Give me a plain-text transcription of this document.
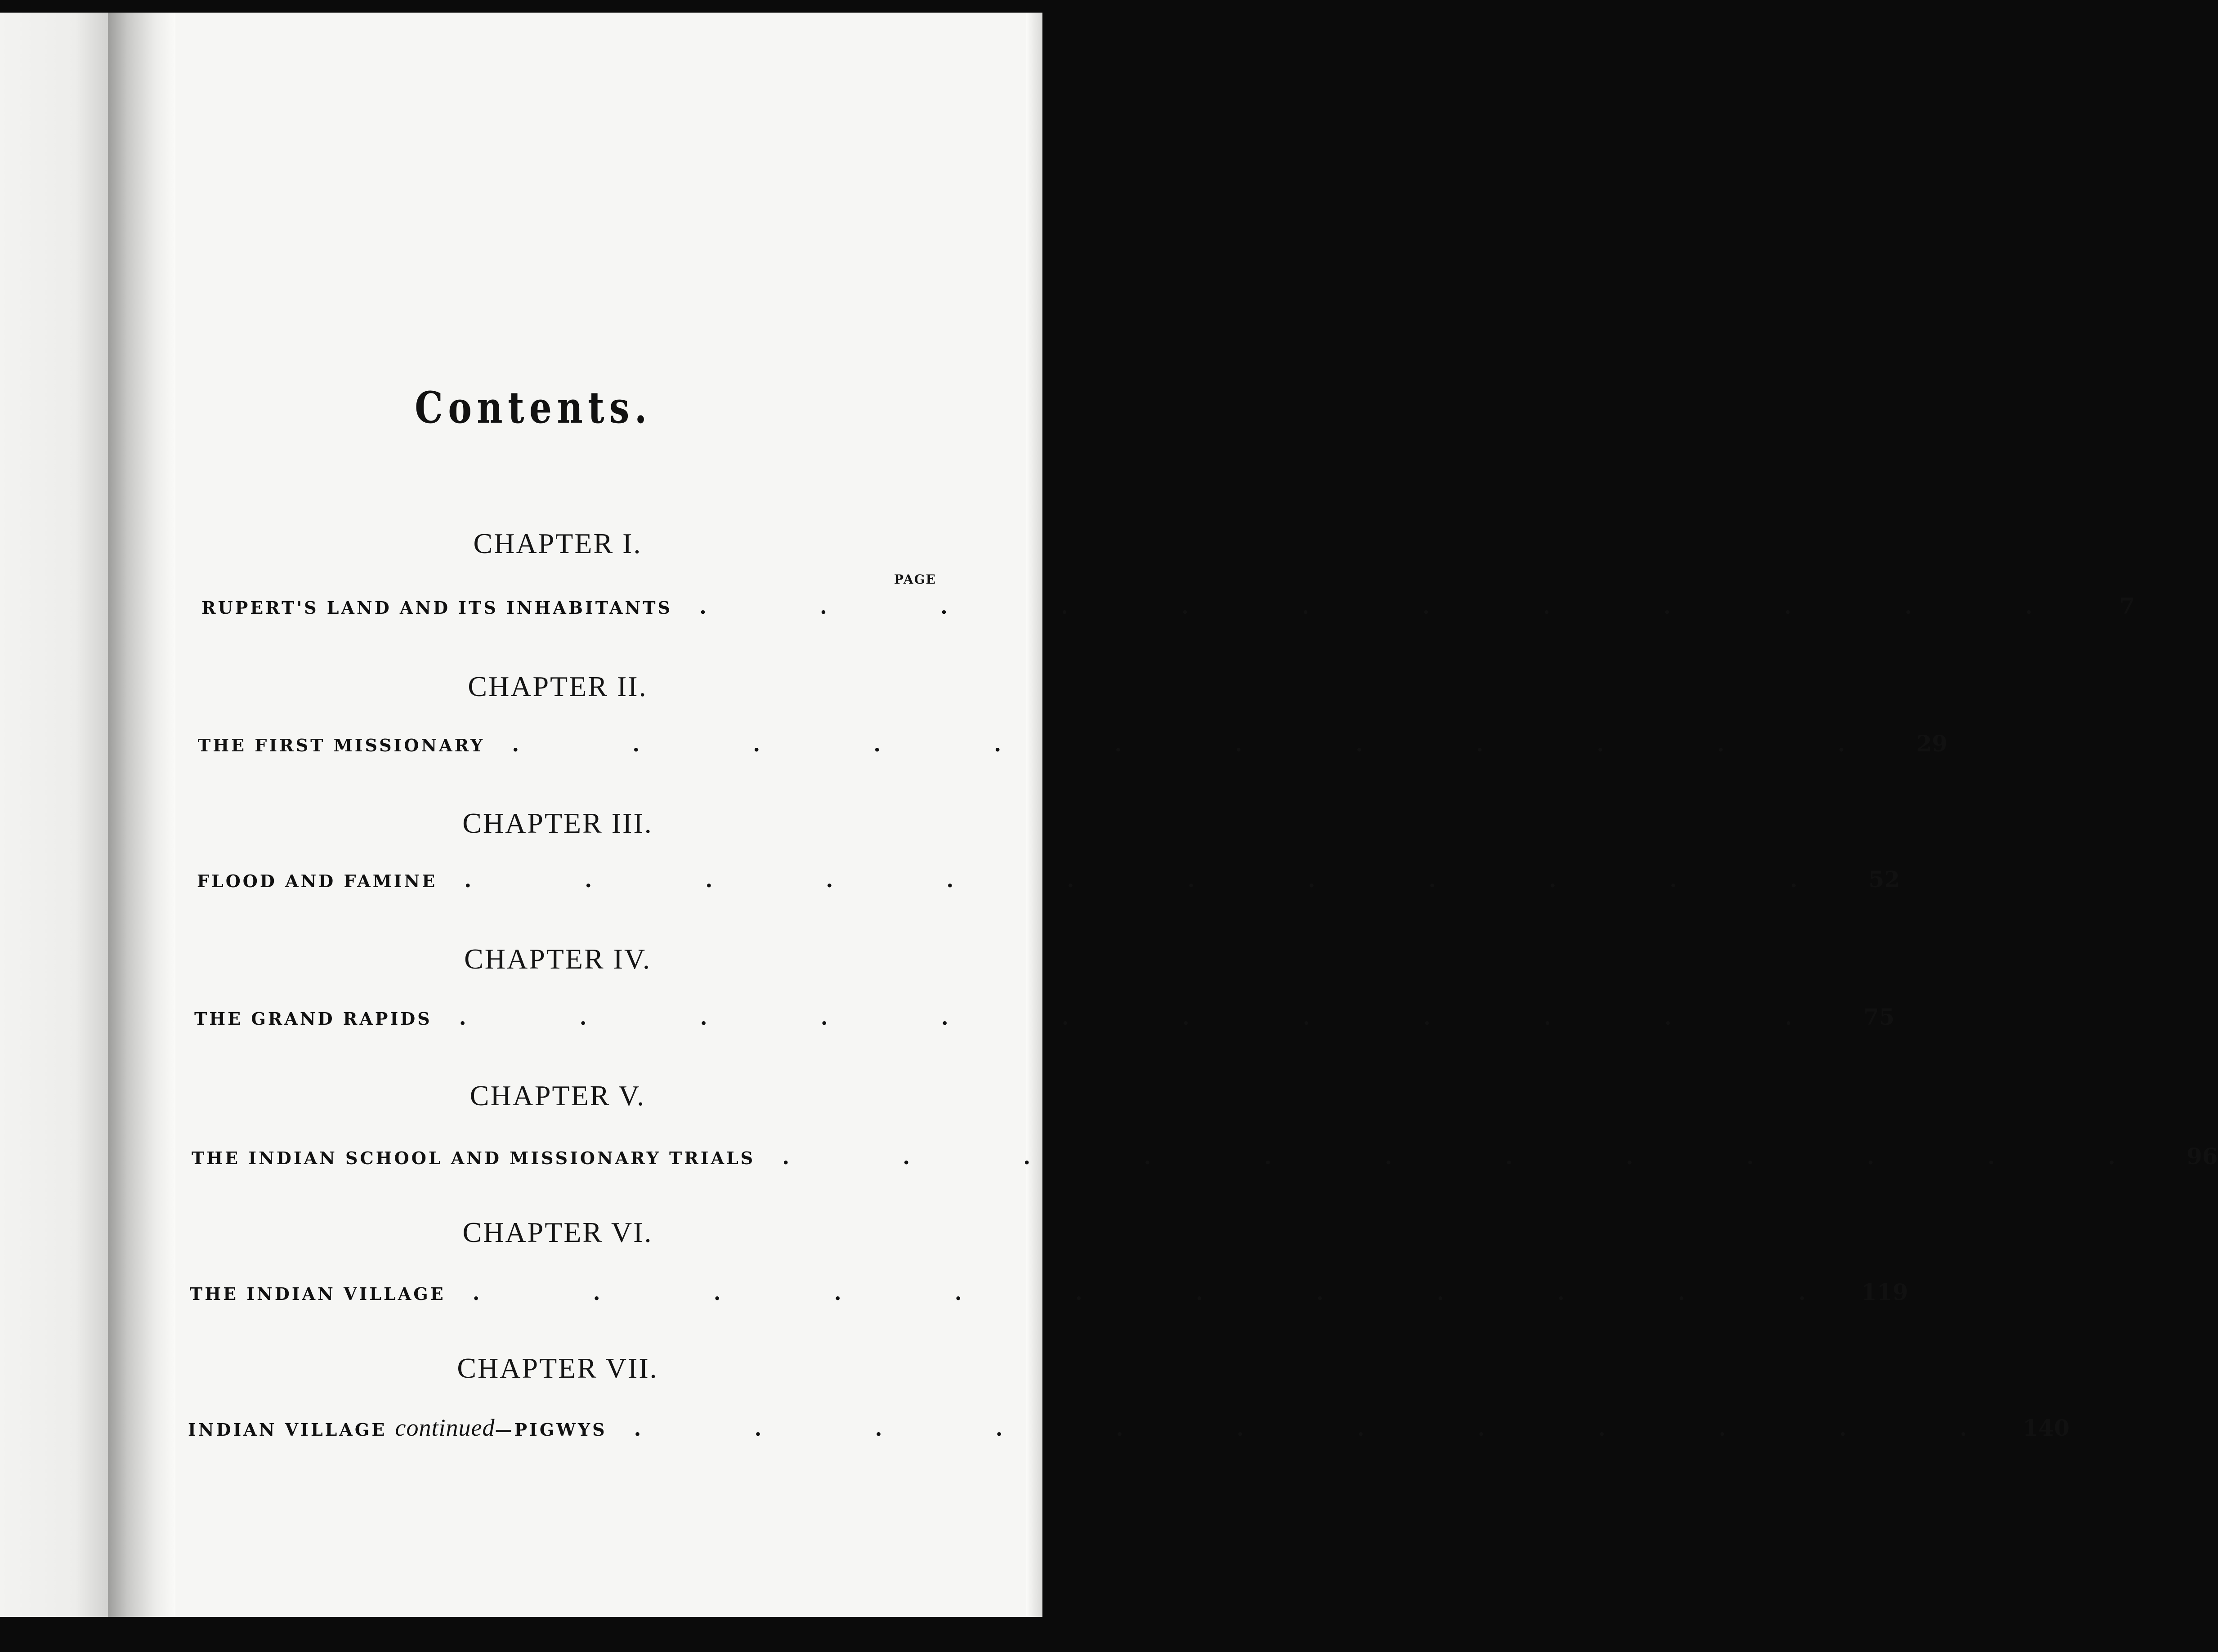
Contents.
CHAPTER I.
PAGE
RUPERT'S LAND AND ITS INHABITANTS	. . . . . . . . . . . .	7
CHAPTER II.
THE FIRST MISSIONARY	. . . . . . . . . . . . 29
CHAPTER III.
FLOOD AND FAMINE	. . . . . . . . . . . . 52
CHAPTER IV.
THE GRAND RAPIDS	. . . . . . . . . . . . 75
CHAPTER V.
THE INDIAN SCHOOL AND MISSIONARY TRIALS	. . . . . . . . . . . . 96
CHAPTER VI.
THE INDIAN VILLAGE	. . . . . . . . . . . . 119
CHAPTER VII.
INDIAN VILLAGE continued—PIGWYS	. . . . . . . . . . . . 140
